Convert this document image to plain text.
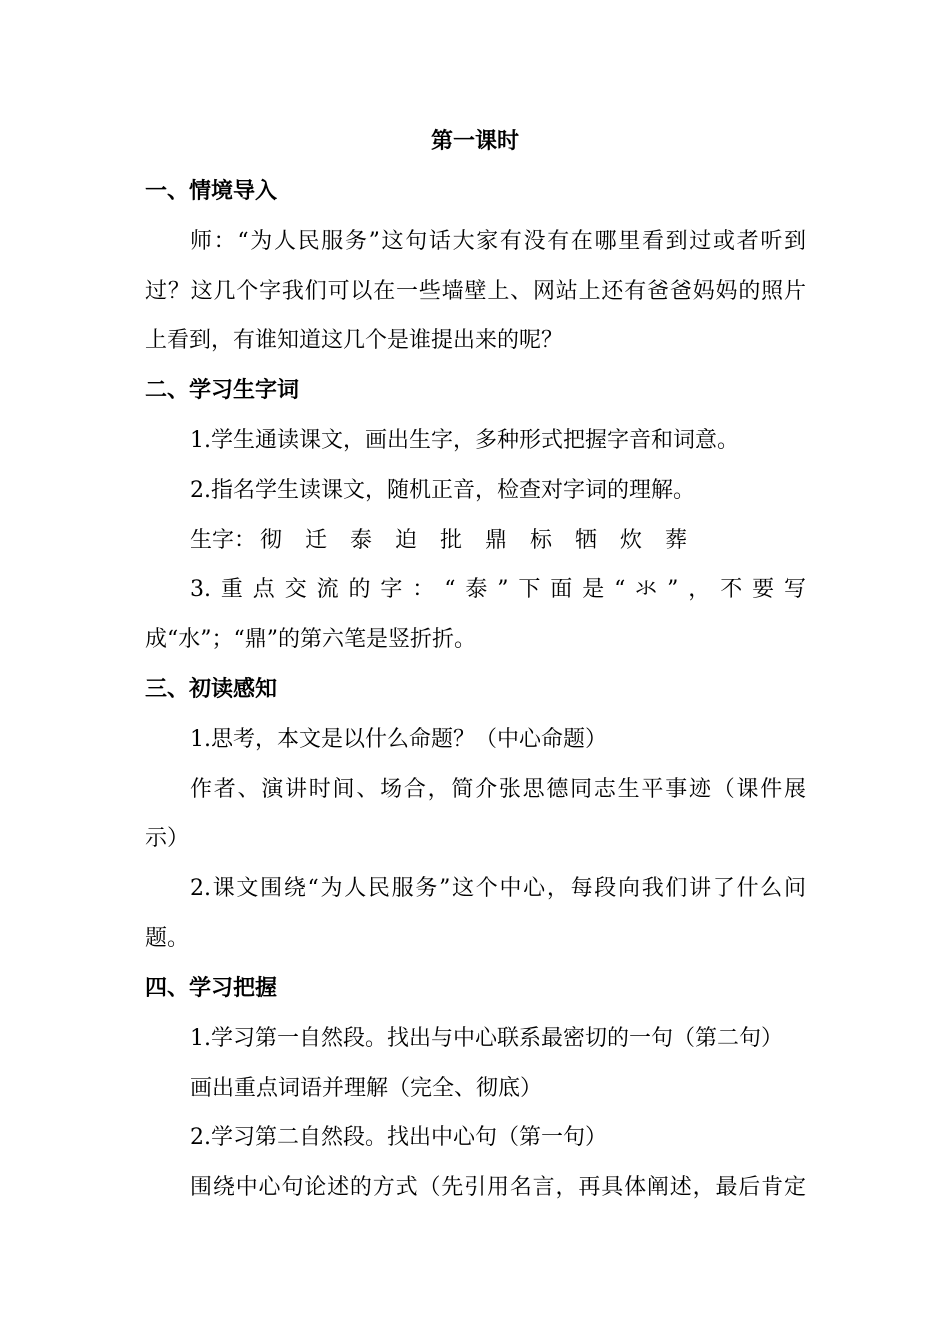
第一课时
一、情境导入
师：“为人民服务”这句话大家有没有在哪里看到过或者听到
过？这几个字我们可以在一些墙壁上、网站上还有爸爸妈妈的照片
上看到，有谁知道这几个是谁提出来的呢？
二、学习生字词
1.学生通读课文，画出生字，多种形式把握字音和词意。
2.指名学生读课文，随机正音，检查对字词的理解。
生字： 彻 迁 泰 迫 批 鼎 标 牺 炊 葬
3.重点交流的字：“泰”下面是“氺”，不要写
成“水”；“鼎”的第六笔是竖折折。
三、初读感知
1.思考，本文是以什么命题？（中心命题）
作者、演讲时间、场合，简介张思德同志生平事迹（课件展
示）
2.课文围绕“为人民服务”这个中心，每段向我们讲了什么问
题。
四、学习把握
1.学习第一自然段。找出与中心联系最密切的一句（第二句）
画出重点词语并理解（完全、彻底）
2.学习第二自然段。找出中心句（第一句）
围绕中心句论述的方式（先引用名言，再具体阐述，最后肯定
